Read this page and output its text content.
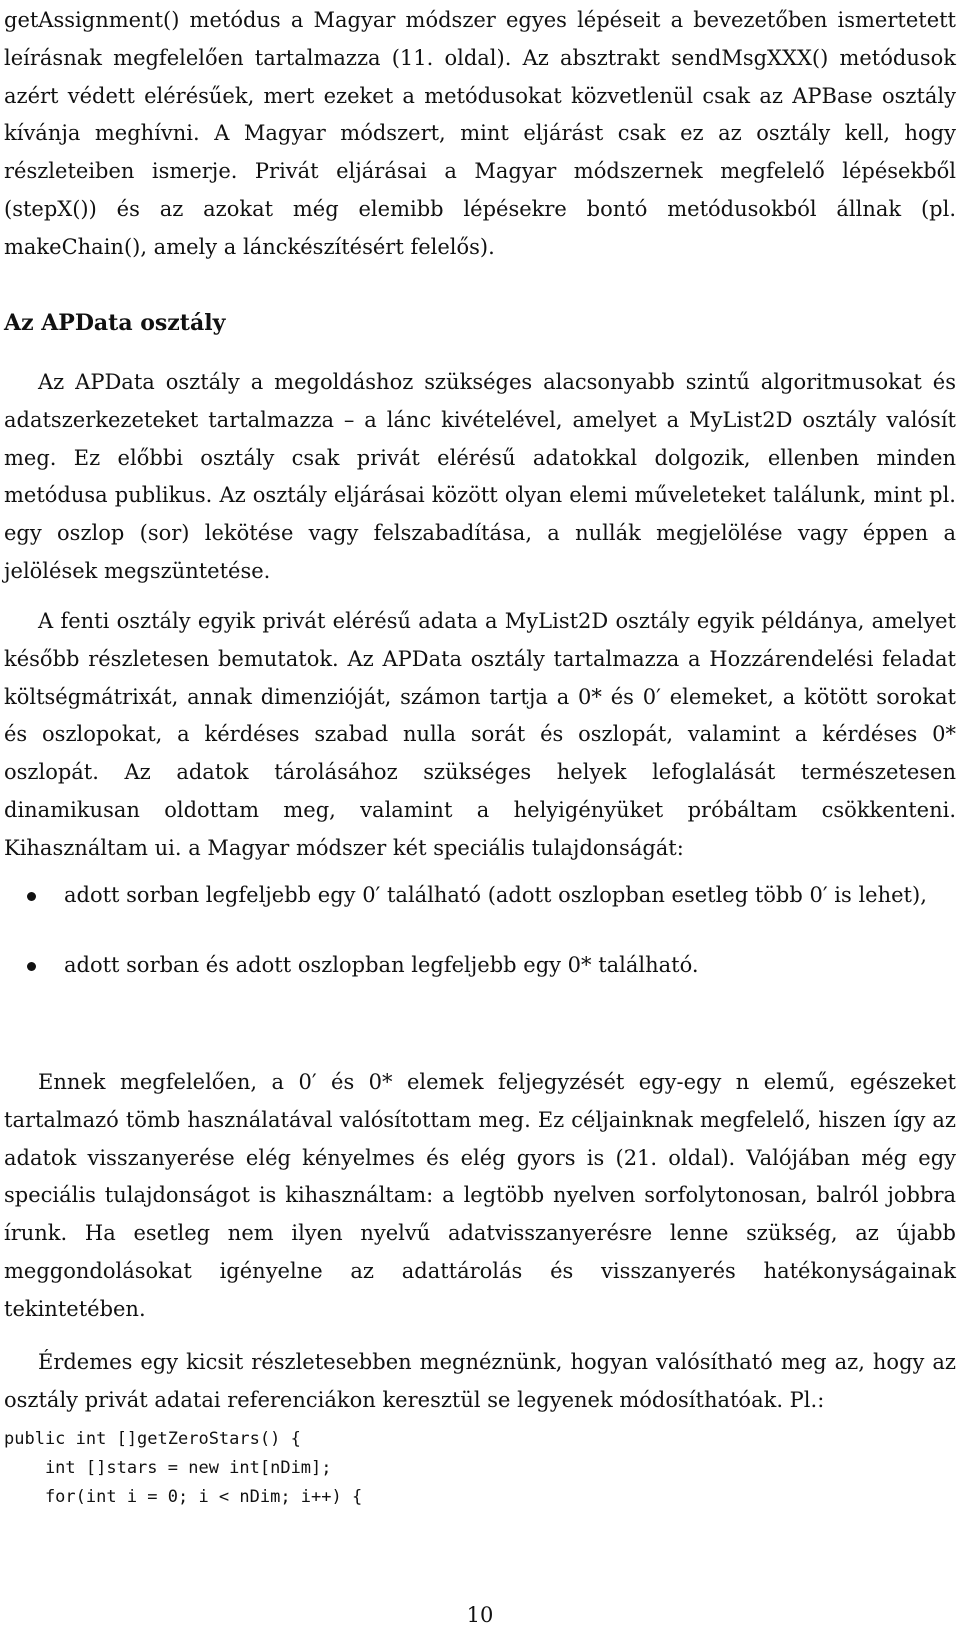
getAssignment() metódus a Magyar módszer egyes lépéseit a bevezetőben ismertetett leírásnak megfelelően tartalmazza (11. oldal). Az absztrakt sendMsgXXX() metódusok azért védett elérésűek, mert ezeket a metódusokat közvetlenül csak az APBase osztály kívánja meghívni. A Magyar módszert, mint eljárást csak ez az osztály kell, hogy részleteiben ismerje. Privát eljárásai a Magyar módszernek megfelelő lépésekből (stepX()) és az azokat még elemibb lépésekre bontó metódusokból állnak (pl. makeChain(), amely a lánckészítésért felelős).

Az APData osztály

Az APData osztály a megoldáshoz szükséges alacsonyabb szintű algoritmusokat és adatszerkezeteket tartalmazza – a lánc kivételével, amelyet a MyList2D osztály valósít meg. Ez előbbi osztály csak privát elérésű adatokkal dolgozik, ellenben minden metódusa publikus. Az osztály eljárásai között olyan elemi műveleteket találunk, mint pl. egy oszlop (sor) lekötése vagy felszabadítása, a nullák megjelölése vagy éppen a jelölések megszüntetése.

A fenti osztály egyik privát elérésű adata a MyList2D osztály egyik példánya, amelyet később részletesen bemutatok. Az APData osztály tartalmazza a Hozzárendelési feladat költségmátrixát, annak dimenzióját, számon tartja a 0* és 0′ elemeket, a kötött sorokat és oszlopokat, a kérdéses szabad nulla sorát és oszlopát, valamint a kérdéses 0* oszlopát. Az adatok tárolásához szükséges helyek lefoglalását természetesen dinamikusan oldottam meg, valamint a helyigényüket próbáltam csökkenteni. Kihasználtam ui. a Magyar módszer két speciális tulajdonságát:

adott sorban legfeljebb egy 0′ található (adott oszlopban esetleg több 0′ is lehet),
adott sorban és adott oszlopban legfeljebb egy 0* található.

Ennek megfelelően, a 0′ és 0* elemek feljegyzését egy-egy n elemű, egészeket tartalmazó tömb használatával valósítottam meg. Ez céljainknak megfelelő, hiszen így az adatok visszanyerése elég kényelmes és elég gyors is (21. oldal). Valójában még egy speciális tulajdonságot is kihasználtam: a legtöbb nyelven sorfolytonosan, balról jobbra írunk. Ha esetleg nem ilyen nyelvű adatvisszanyerésre lenne szükség, az újabb meggondolásokat igényelne az adattárolás és visszanyerés hatékonyságainak tekintetében.

Érdemes egy kicsit részletesebben megnéznünk, hogyan valósítható meg az, hogy az osztály privát adatai referenciákon keresztül se legyenek módosíthatóak. Pl.:

public int []getZeroStars() {
int []stars = new int[nDim];
for(int i = 0; i < nDim; i++) {
10
